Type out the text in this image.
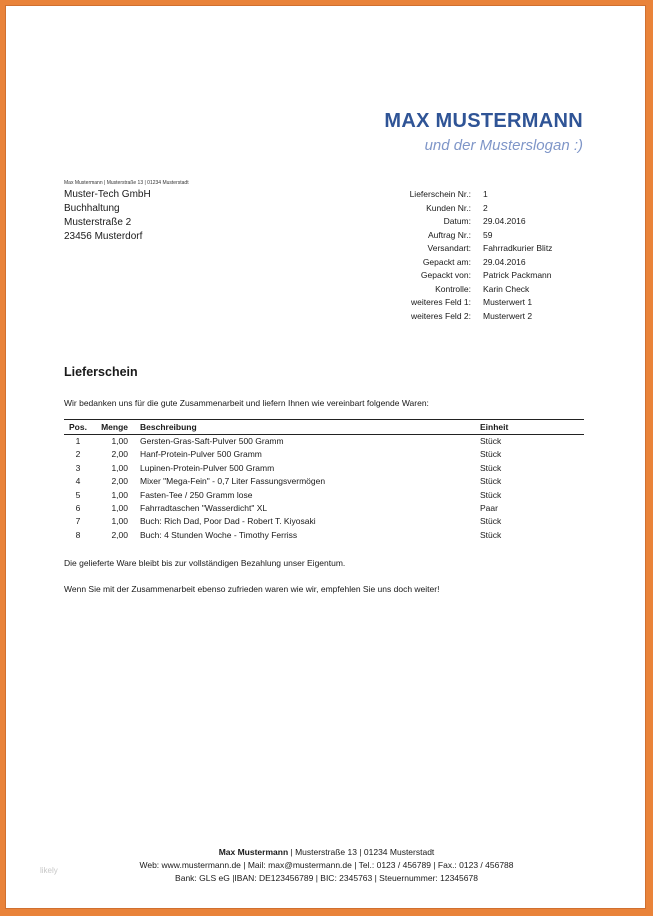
MAX MUSTERMANN
und der Musterslogan :)
Max Mustermann | Musterstraße 13 | 01234 Musterstadt
Muster-Tech GmbH
Buchhaltung
Musterstraße 2
23456 Musterdorf
Lieferschein Nr.: 1
Kunden Nr.: 2
Datum: 29.04.2016
Auftrag Nr.: 59
Versandart: Fahrradkurier Blitz
Gepackt am: 29.04.2016
Gepackt von: Patrick Packmann
Kontrolle: Karin Check
weiteres Feld 1: Musterwert 1
weiteres Feld 2: Musterwert 2
Lieferschein
Wir bedanken uns für die gute Zusammenarbeit und liefern Ihnen wie vereinbart folgende Waren:
Pos.	Menge Beschreibung	Einheit
1	1,00 Gersten-Gras-Saft-Pulver 500 Gramm	Stück
2	2,00 Hanf-Protein-Pulver 500 Gramm	Stück
3	1,00 Lupinen-Protein-Pulver 500 Gramm	Stück
4	2,00 Mixer "Mega-Fein" - 0,7 Liter Fassungsvermögen	Stück
5	1,00 Fasten-Tee / 250 Gramm lose	Stück
6	1,00 Fahrradtaschen "Wasserdicht" XL	Paar
7	1,00 Buch: Rich Dad, Poor Dad - Robert T. Kiyosaki	Stück
8	2,00 Buch: 4 Stunden Woche - Timothy Ferriss	Stück
Die gelieferte Ware bleibt bis zur vollständigen Bezahlung unser Eigentum.
Wenn Sie mit der Zusammenarbeit ebenso zufrieden waren wie wir, empfehlen Sie uns doch weiter!
Max Mustermann | Musterstraße 13 | 01234 Musterstadt
Web: www.mustermann.de | Mail: max@mustermann.de | Tel.: 0123 / 456789 | Fax.: 0123 / 456788
Bank: GLS eG |IBAN: DE123456789 | BIC: 2345763 | Steuernummer: 12345678
likely
